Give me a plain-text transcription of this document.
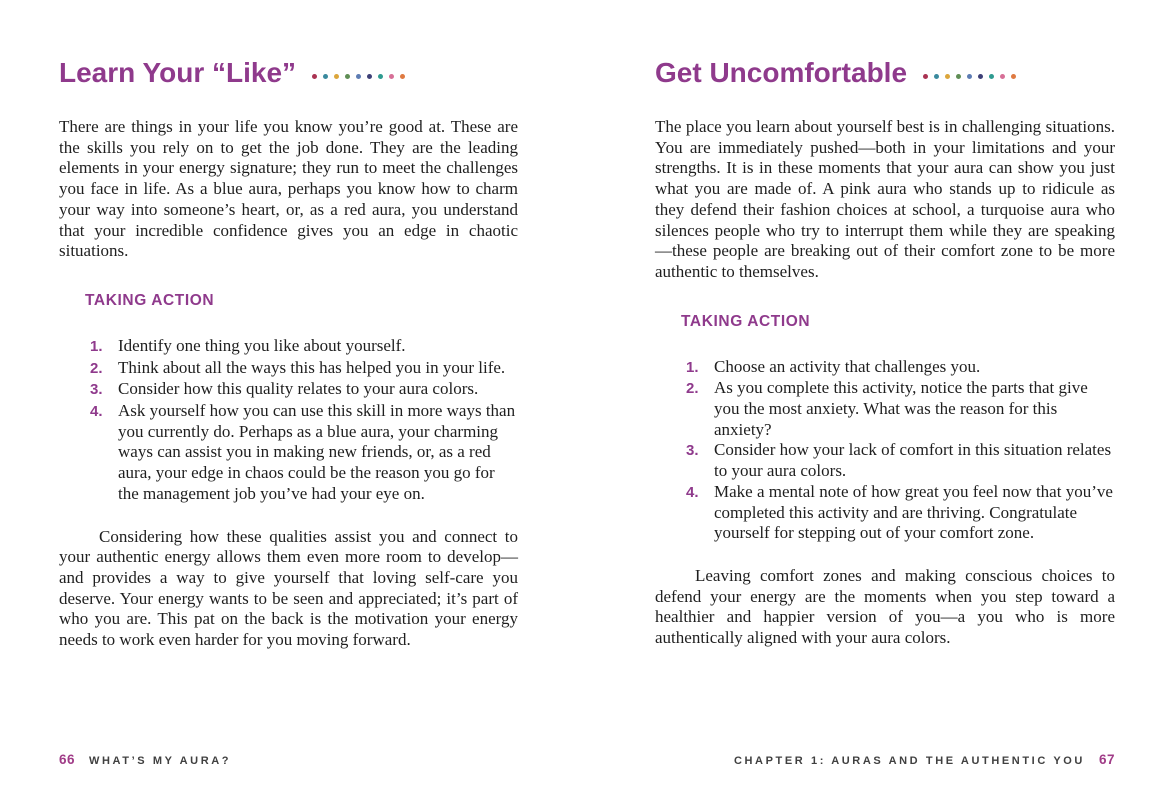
Learn Your “Like”

There are things in your life you know you’re good at. These are the skills you rely on to get the job done. They are the leading elements in your energy signature; they run to meet the challenges you face in life. As a blue aura, perhaps you know how to charm your way into someone’s heart, or, as a red aura, you understand that your incredible confidence gives you an edge in chaotic situations.

TAKING ACTION
1. Identify one thing you like about yourself.
2. Think about all the ways this has helped you in your life.
3. Consider how this quality relates to your aura colors.
4. Ask yourself how you can use this skill in more ways than you currently do. Perhaps as a blue aura, your charming ways can assist you in making new friends, or, as a red aura, your edge in chaos could be the reason you go for the management job you’ve had your eye on.

Considering how these qualities assist you and connect to your authentic energy allows them even more room to develop—and provides a way to give yourself that loving self-care you deserve. Your energy wants to be seen and appreciated; it’s part of who you are. This pat on the back is the motivation your energy needs to work even harder for you moving forward.

66 WHAT’S MY AURA?
Get Uncomfortable

The place you learn about yourself best is in challenging situations. You are immediately pushed—both in your limitations and your strengths. It is in these moments that your aura can show you just what you are made of. A pink aura who stands up to ridicule as they defend their fashion choices at school, a turquoise aura who silences people who try to interrupt them while they are speaking—these people are breaking out of their comfort zone to be more authentic to themselves.

TAKING ACTION
1. Choose an activity that challenges you.
2. As you complete this activity, notice the parts that give you the most anxiety. What was the reason for this anxiety?
3. Consider how your lack of comfort in this situation relates to your aura colors.
4. Make a mental note of how great you feel now that you’ve completed this activity and are thriving. Congratulate yourself for stepping out of your comfort zone.

Leaving comfort zones and making conscious choices to defend your energy are the moments when you step toward a healthier and happier version of you—a you who is more authentically aligned with your aura colors.

CHAPTER 1: AURAS AND THE AUTHENTIC YOU 67
